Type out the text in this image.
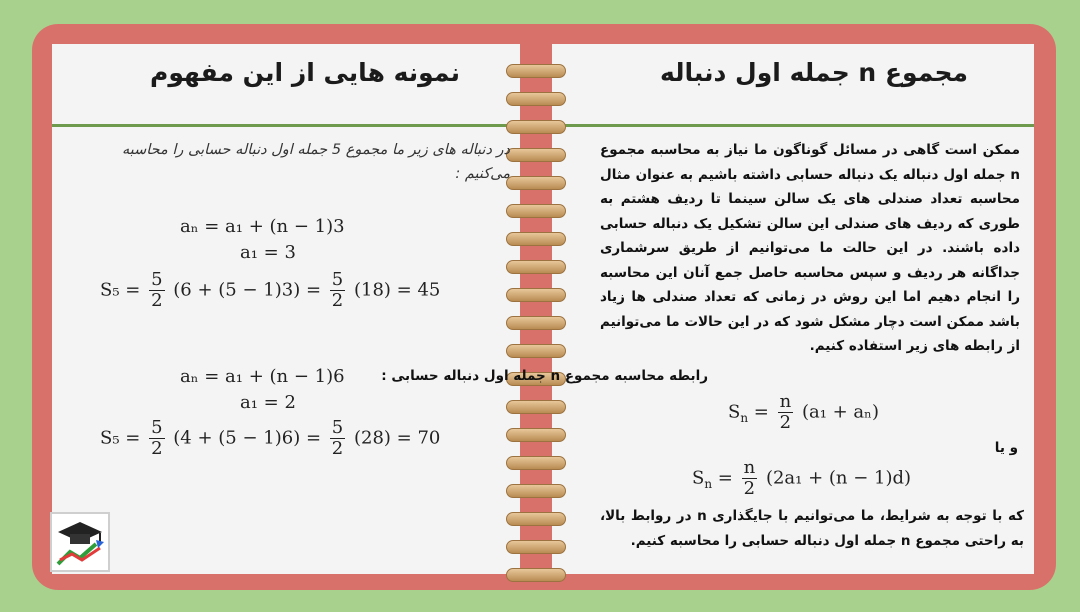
نمونه هایی از این مفهوم	مجموع n جمله اول دنباله
در دنباله های زیر ما مجموع 5 جمله اول دنباله حسابی را محاسبه می‌کنیم :
aₙ = a₁ + (n − 1)3
a₁ = 3
$S_5 = \frac{5}{2} (6 + (5 - 1)3) = \frac{5}{2} (18) = 45$
aₙ = a₁ + (n − 1)6
a₁ = 2
$S_5 = \frac{5}{2} (4 + (5 - 1)6) = \frac{5}{2} (28) = 70$
ممکن است گاهی در مسائل گوناگون ما نیاز به محاسبه مجموع n جمله اول دنباله یک دنباله حسابی داشته باشیم به عنوان مثال محاسبه تعداد صندلی های یک سالن سینما تا ردیف هشتم به طوری که ردیف های صندلی این سالن تشکیل یک دنباله حسابی داده باشند. در این حالت ما می‌توانیم از طریق سرشماری جداگانه هر ردیف و سپس محاسبه حاصل جمع آنان این محاسبه را انجام دهیم اما این روش در زمانی که تعداد صندلی ها زیاد باشد ممکن است دچار مشکل شود که در این حالات ما می‌توانیم از رابطه های زیر استفاده کنیم.
رابطه محاسبه مجموع n جمله اول دنباله حسابی :
$S_n = \frac{n}{2} (a_1 + a_n)$
و یا
$S_n = \frac{n}{2} (2a_1 + (n - 1)d)$
که با توجه به شرایط، ما می‌توانیم با جایگذاری n در روابط بالا، به راحتی مجموع n جمله اول دنباله حسابی را محاسبه کنیم.
